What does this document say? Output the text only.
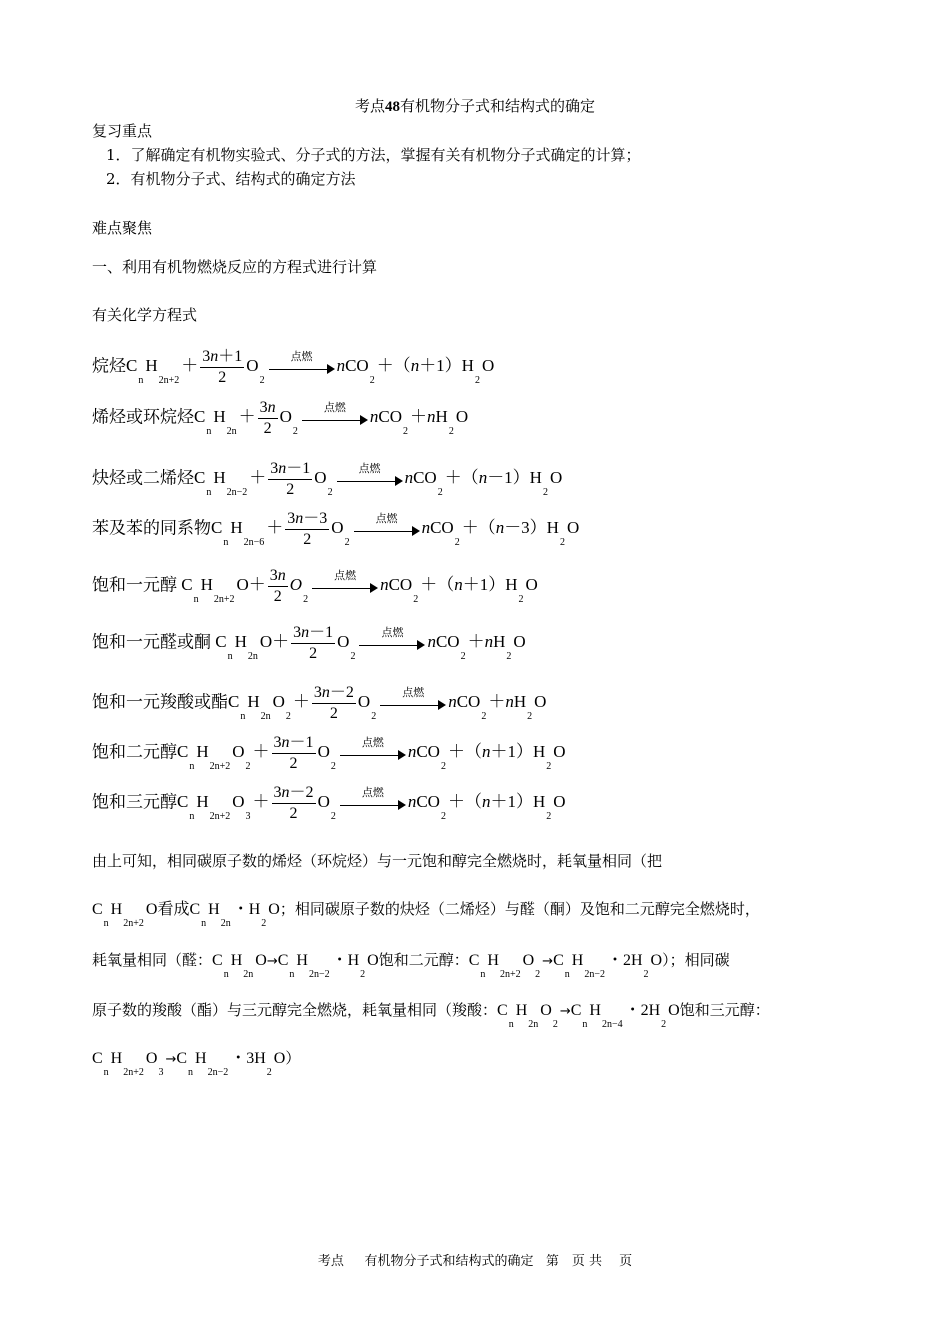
考点48有机物分子式和结构式的确定
复习重点
1．了解确定有机物实验式、分子式的方法，掌握有关有机物分子式确定的计算；
2．有机物分子式、结构式的确定方法
难点聚焦
一、利用有机物燃烧反应的方程式进行计算
有关化学方程式
烷烃$C_nH_{2n+2}+ \frac{3n+1}{2} O_2$
点燃
$nCO_2+(n+1)H_2O$
烯烃或环烷烃$C_nH_{2n}+ \frac{3n}{2} O_2$
点燃
$nCO_2+nH_2O$
炔烃或二烯烃$C_nH_{2n-2}+ \frac{3n-1}{2} O_2$
点燃
$nCO_2+(n-1)H_2O$
苯及苯的同系物$C_nH_{2n-6}+ \frac{3n-3}{2} O_2$
点燃
$nCO_2+(n-3)H_2O$
饱和一元醇 $C_nH_{2n+2}O+ \frac{3n}{2} O_2$
点燃
$nCO_2+(n+1)H_2O$
饱和一元醛或酮 $C_nH_{2n}O+ \frac{3n-1}{2} O_2$
点燃
$nCO_2+nH_2O$
饱和一元羧酸或酯$C_nH_{2n}O_2+ \frac{3n-2}{2} O_2$
点燃
$nCO_2+nH_2O$
饱和二元醇$C_nH_{2n+2}O_2+ \frac{3n-1}{2} O_2$
点燃
$nCO_2+(n+1)H_2O$
饱和三元醇$C_nH_{2n+2}O_3+ \frac{3n-2}{2} O_2$
点燃
$nCO_2+(n+1)H_2O$
由上可知，相同碳原子数的烯烃（环烷烃）与一元饱和醇完全燃烧时，耗氧量相同（把
$C_nH_{2n+2}O$看成$C_nH_{2n}$・$H_2O$；相同碳原子数的炔烃（二烯烃）与醛（酮）及饱和二元醇完全燃烧时，
耗氧量相同（醛：$C_nH_{2n}O\to C_nH_{2n-2}$・$H_2O$饱和二元醇：$C_nH_{2n+2}O_2\to C_nH_{2n-2}$・$2H_2O$）；相同碳
原子数的羧酸（酯）与三元醇完全燃烧，耗氧量相同（羧酸：$C_nH_{2n}O_2\to C_nH_{2n-4}$・$2H_2O$饱和三元醇：
$C_nH_{2n+2}O_3\to C_nH_{2n-2}$・$3H_2O$）
考点 有机物分子式和结构式的确定 第　页 共　 页
